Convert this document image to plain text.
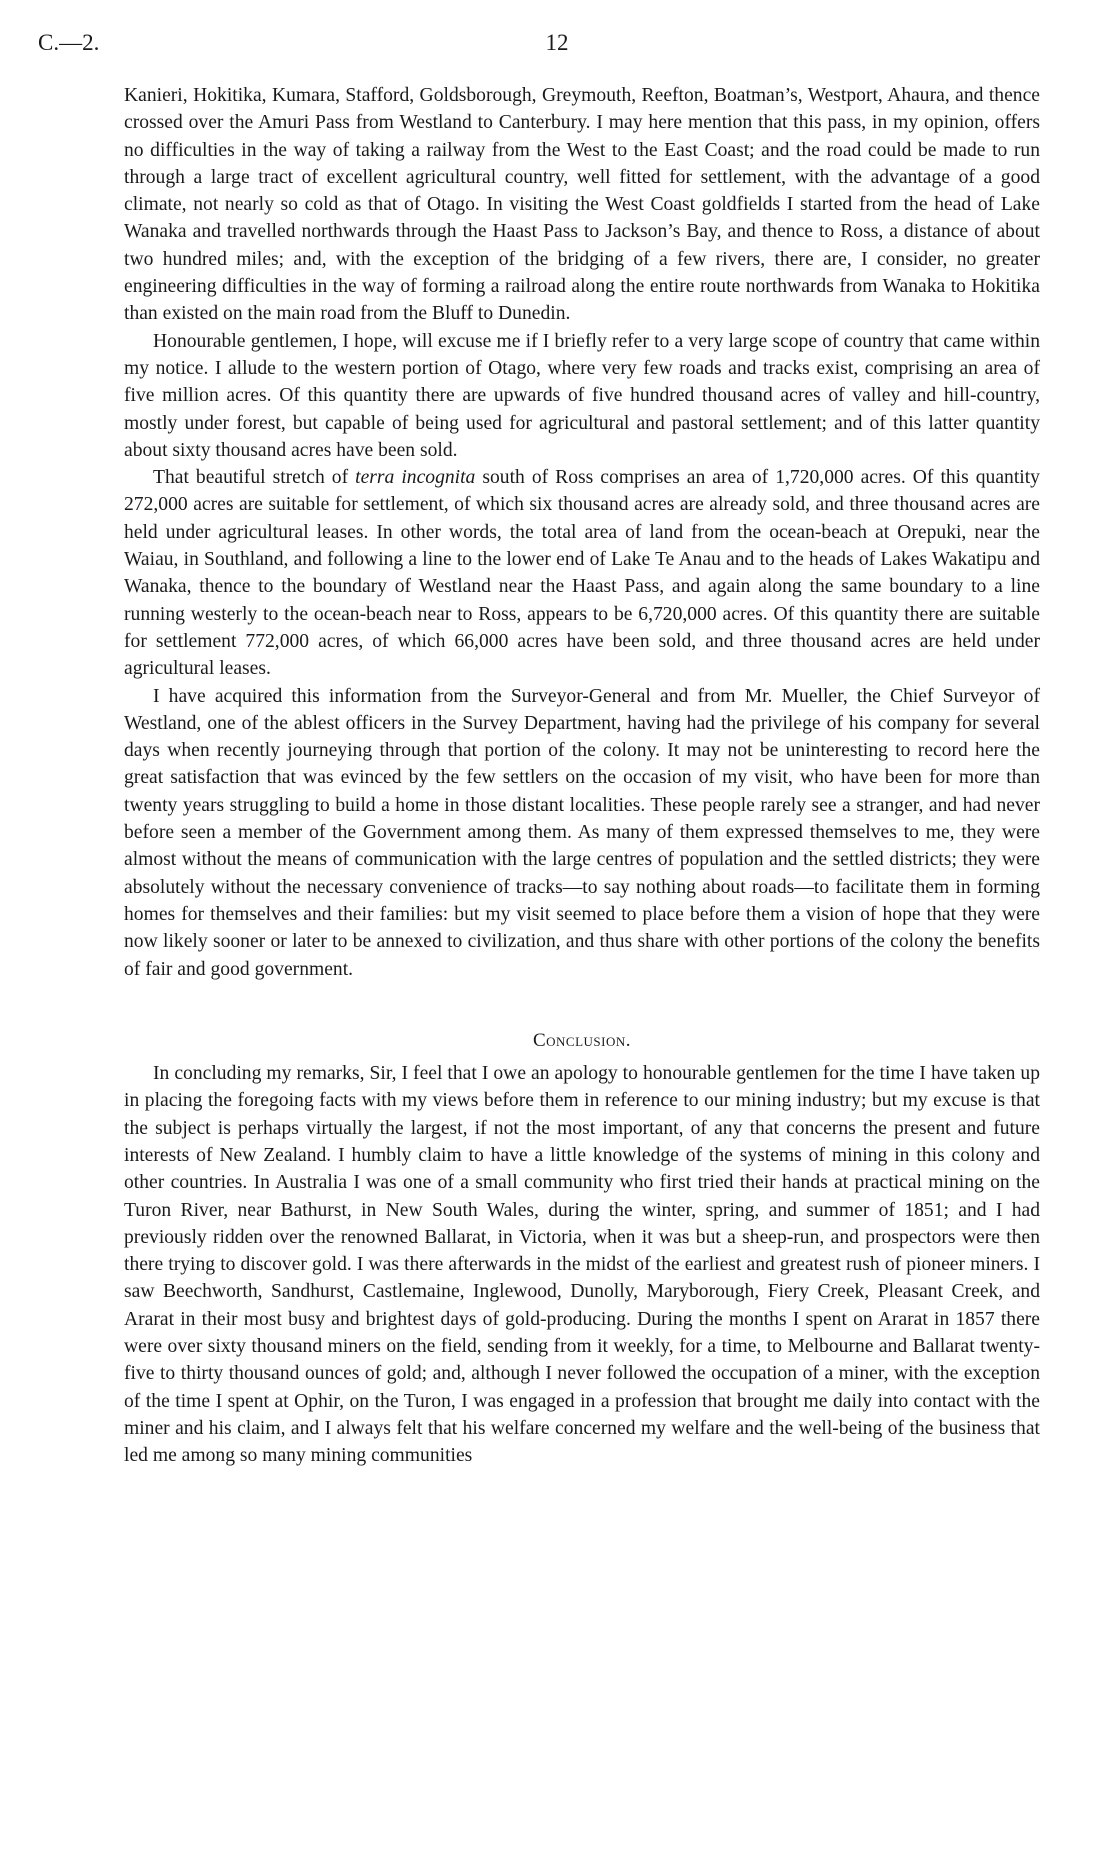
C.—2.	12

Kanieri, Hokitika, Kumara, Stafford, Goldsborough, Greymouth, Reefton, Boatman’s, Westport, Ahaura, and thence crossed over the Amuri Pass from Westland to Canterbury. I may here mention that this pass, in my opinion, offers no difficulties in the way of taking a railway from the West to the East Coast; and the road could be made to run through a large tract of excellent agricultural country, well fitted for settlement, with the advantage of a good climate, not nearly so cold as that of Otago. In visiting the West Coast goldfields I started from the head of Lake Wanaka and travelled northwards through the Haast Pass to Jackson’s Bay, and thence to Ross, a distance of about two hundred miles; and, with the exception of the bridging of a few rivers, there are, I consider, no greater engineering difficulties in the way of forming a railroad along the entire route northwards from Wanaka to Hokitika than existed on the main road from the Bluff to Dunedin.

Honourable gentlemen, I hope, will excuse me if I briefly refer to a very large scope of country that came within my notice. I allude to the western portion of Otago, where very few roads and tracks exist, comprising an area of five million acres. Of this quantity there are upwards of five hundred thousand acres of valley and hill-country, mostly under forest, but capable of being used for agricultural and pastoral settlement; and of this latter quantity about sixty thousand acres have been sold.

That beautiful stretch of terra incognita south of Ross comprises an area of 1,720,000 acres. Of this quantity 272,000 acres are suitable for settlement, of which six thousand acres are already sold, and three thousand acres are held under agricultural leases. In other words, the total area of land from the ocean-beach at Orepuki, near the Waiau, in Southland, and following a line to the lower end of Lake Te Anau and to the heads of Lakes Wakatipu and Wanaka, thence to the boundary of Westland near the Haast Pass, and again along the same boundary to a line running westerly to the ocean-beach near to Ross, appears to be 6,720,000 acres. Of this quantity there are suitable for settlement 772,000 acres, of which 66,000 acres have been sold, and three thousand acres are held under agricultural leases.

I have acquired this information from the Surveyor-General and from Mr. Mueller, the Chief Surveyor of Westland, one of the ablest officers in the Survey Department, having had the privilege of his company for several days when recently journeying through that portion of the colony. It may not be uninteresting to record here the great satisfaction that was evinced by the few settlers on the occasion of my visit, who have been for more than twenty years struggling to build a home in those distant localities. These people rarely see a stranger, and had never before seen a member of the Government among them. As many of them expressed themselves to me, they were almost without the means of communication with the large centres of population and the settled districts; they were absolutely without the necessary convenience of tracks—to say nothing about roads—to facilitate them in forming homes for themselves and their families: but my visit seemed to place before them a vision of hope that they were now likely sooner or later to be annexed to civilization, and thus share with other portions of the colony the benefits of fair and good government.

Conclusion.

In concluding my remarks, Sir, I feel that I owe an apology to honourable gentlemen for the time I have taken up in placing the foregoing facts with my views before them in reference to our mining industry; but my excuse is that the subject is perhaps virtually the largest, if not the most important, of any that concerns the present and future interests of New Zealand. I humbly claim to have a little knowledge of the systems of mining in this colony and other countries. In Australia I was one of a small community who first tried their hands at practical mining on the Turon River, near Bathurst, in New South Wales, during the winter, spring, and summer of 1851; and I had previously ridden over the renowned Ballarat, in Victoria, when it was but a sheep-run, and prospectors were then there trying to discover gold. I was there afterwards in the midst of the earliest and greatest rush of pioneer miners. I saw Beechworth, Sandhurst, Castlemaine, Inglewood, Dunolly, Maryborough, Fiery Creek, Pleasant Creek, and Ararat in their most busy and brightest days of gold-producing. During the months I spent on Ararat in 1857 there were over sixty thousand miners on the field, sending from it weekly, for a time, to Melbourne and Ballarat twenty-five to thirty thousand ounces of gold; and, although I never followed the occupation of a miner, with the exception of the time I spent at Ophir, on the Turon, I was engaged in a profession that brought me daily into contact with the miner and his claim, and I always felt that his welfare concerned my welfare and the well-being of the business that led me among so many mining communities
